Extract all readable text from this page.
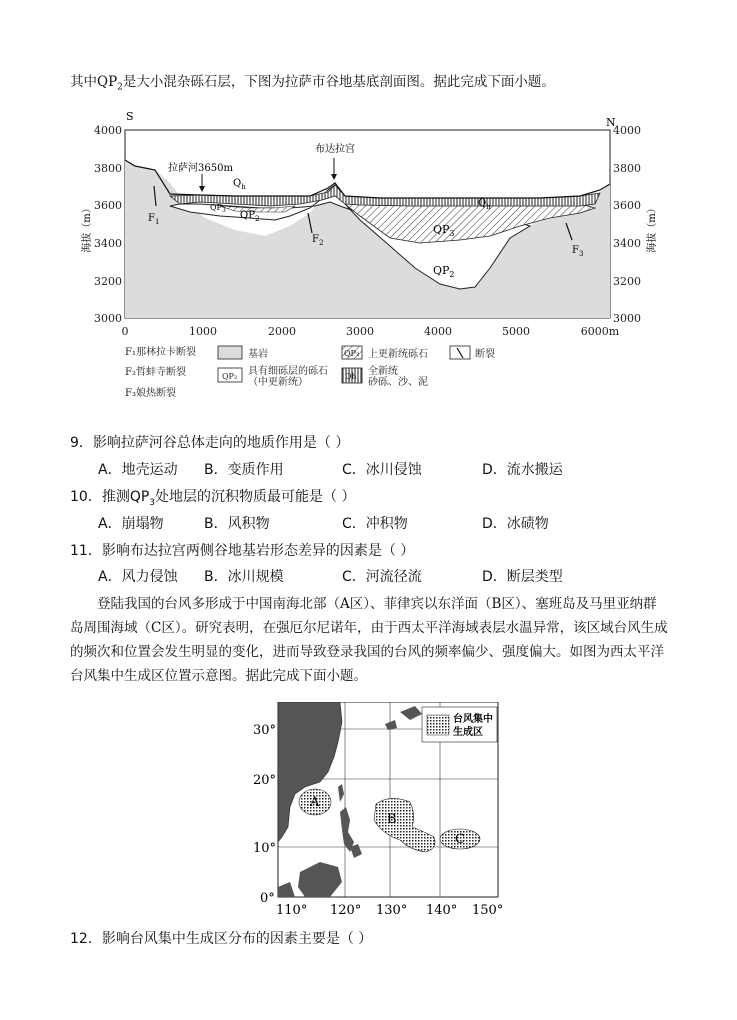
其中$QP_2$是大小混杂砾石层，下图为拉萨市谷地基底剖面图。据此完成下面小题。
4000
3800
3600
3400
3200
3000
4000
3800
3600
3400
3200
3000
S	N
海拔（m）	海拔（m）
0	1000	2000	3000	4000	5000	6000m
拉萨河3650m
布达拉宫
$Q_h$
$Q_h$
$QP_3$ $QP_2$
$QP_3$
$QP_2$
$F_1$
$F_2$
$F_3$
F₁那林拉卡断裂
F₂哲蚌寺断裂
F₃娘热断裂
基岩
QP₂ 具有细砾层的砾石
（中更新统）
QP₃ 上更新统砾石
Qh 全新统
砂砾、沙、泥
断裂
9．影响拉萨河谷总体走向的地质作用是（ ）
A．地壳运动 B．变质作用	C．冰川侵蚀	D．流水搬运
10．推测$QP_3$处地层的沉积物质最可能是（ ）
A．崩塌物	B．风积物	C．冲积物	D．冰碛物
11．影响布达拉宫两侧谷地基岩形态差异的因素是（ ）
A．风力侵蚀 B．冰川规模	C．河流径流	D．断层类型
登陆我国的台风多形成于中国南海北部（A区）、菲律宾以东洋面（B区）、塞班岛及马里亚纳群岛周围海域（C区）。研究表明，在强厄尔尼诺年，由于西太平洋海域表层水温异常，该区域台风生成的频次和位置会发生明显的变化，进而导致登录我国的台风的频率偏少、强度偏大。如图为西太平洋台风集中生成区位置示意图。据此完成下面小题。
A
B
C
台风集中
生成区
30°
20°
10°
0°
110° 120° 130° 140° 150°
12．影响台风集中生成区分布的因素主要是（ ）
